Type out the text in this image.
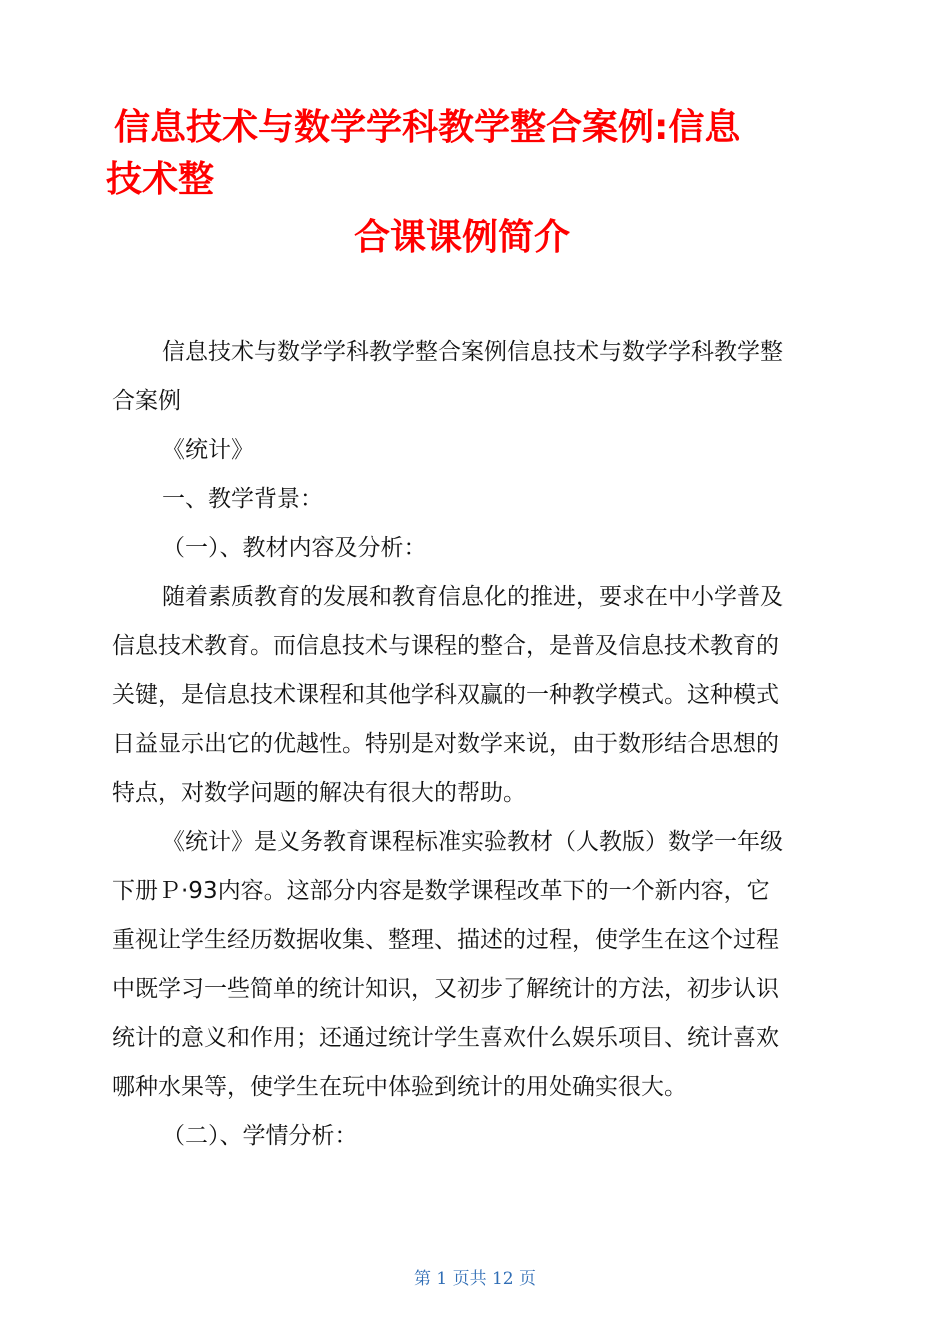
信息技术与数学学科教学整合案例:信息
技术整
合课课例简介
信息技术与数学学科教学整合案例信息技术与数学学科教学整
合案例
《统计》
一、教学背景：
（一）、教材内容及分析：
随着素质教育的发展和教育信息化的推进，要求在中小学普及
信息技术教育。而信息技术与课程的整合，是普及信息技术教育的
关键，是信息技术课程和其他学科双赢的一种教学模式。这种模式
日益显示出它的优越性。特别是对数学来说，由于数形结合思想的
特点，对数学问题的解决有很大的帮助。
《统计》是义务教育课程标准实验教材（人教版）数学一年级
下册Ｐ·93内容。这部分内容是数学课程改革下的一个新内容，它
重视让学生经历数据收集、整理、描述的过程，使学生在这个过程
中既学习一些简单的统计知识，又初步了解统计的方法，初步认识
统计的意义和作用；还通过统计学生喜欢什么娱乐项目、统计喜欢
哪种水果等，使学生在玩中体验到统计的用处确实很大。
（二）、学情分析：
第 1 页共 12 页
